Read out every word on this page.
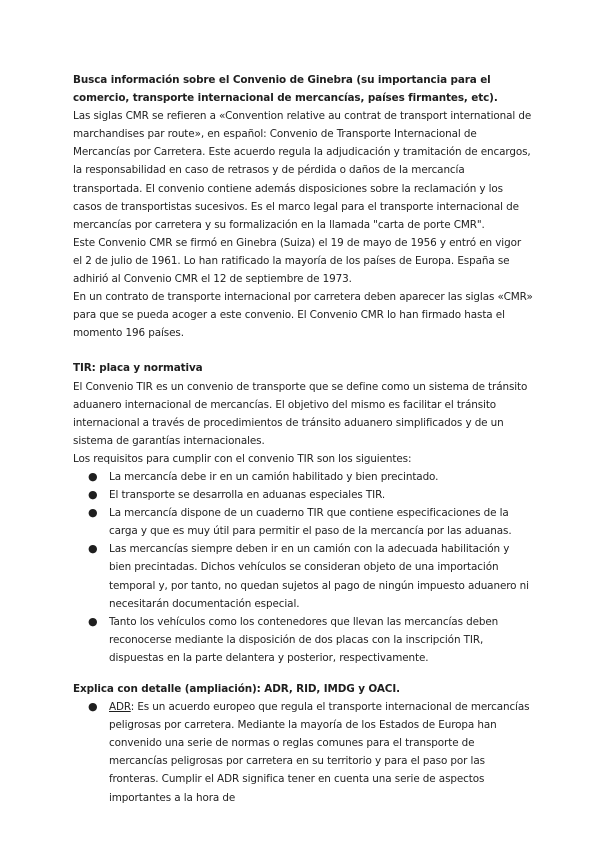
Busca información sobre el Convenio de Ginebra (su importancia para el comercio, transporte internacional de mercancías, países firmantes, etc).

Las siglas CMR se refieren a «Convention relative au contrat de transport international de marchandises par route», en español: Convenio de Transporte Internacional de Mercancías por Carretera. Este acuerdo regula la adjudicación y tramitación de encargos, la responsabilidad en caso de retrasos y de pérdida o daños de la mercancía transportada. El convenio contiene además disposiciones sobre la reclamación y los casos de transportistas sucesivos. Es el marco legal para el transporte internacional de mercancías por carretera y su formalización en la llamada "carta de porte CMR".

Este Convenio CMR se firmó en Ginebra (Suiza) el 19 de mayo de 1956 y entró en vigor el 2 de julio de 1961. Lo han ratificado la mayoría de los países de Europa. España se adhirió al Convenio CMR el 12 de septiembre de 1973.

En un contrato de transporte internacional por carretera deben aparecer las siglas «CMR» para que se pueda acoger a este convenio. El Convenio CMR lo han firmado hasta el momento 196 países.

TIR: placa y normativa

El Convenio TIR es un convenio de transporte que se define como un sistema de tránsito aduanero internacional de mercancías. El objetivo del mismo es facilitar el tránsito internacional a través de procedimientos de tránsito aduanero simplificados y de un sistema de garantías internacionales.

Los requisitos para cumplir con el convenio TIR son los siguientes:

● La mercancía debe ir en un camión habilitado y bien precintado.
● El transporte se desarrolla en aduanas especiales TIR.
● La mercancía dispone de un cuaderno TIR que contiene especificaciones de la carga y que es muy útil para permitir el paso de la mercancía por las aduanas.
● Las mercancías siempre deben ir en un camión con la adecuada habilitación y bien precintadas. Dichos vehículos se consideran objeto de una importación temporal y, por tanto, no quedan sujetos al pago de ningún impuesto aduanero ni necesitarán documentación especial.
● Tanto los vehículos como los contenedores que llevan las mercancías deben reconocerse mediante la disposición de dos placas con la inscripción TIR, dispuestas en la parte delantera y posterior, respectivamente.

Explica con detalle (ampliación): ADR, RID, IMDG y OACI.

● ADR: Es un acuerdo europeo que regula el transporte internacional de mercancías peligrosas por carretera. Mediante la mayoría de los Estados de Europa han convenido una serie de normas o reglas comunes para el transporte de mercancías peligrosas por carretera en su territorio y para el paso por las fronteras. Cumplir el ADR significa tener en cuenta una serie de aspectos importantes a la hora de
